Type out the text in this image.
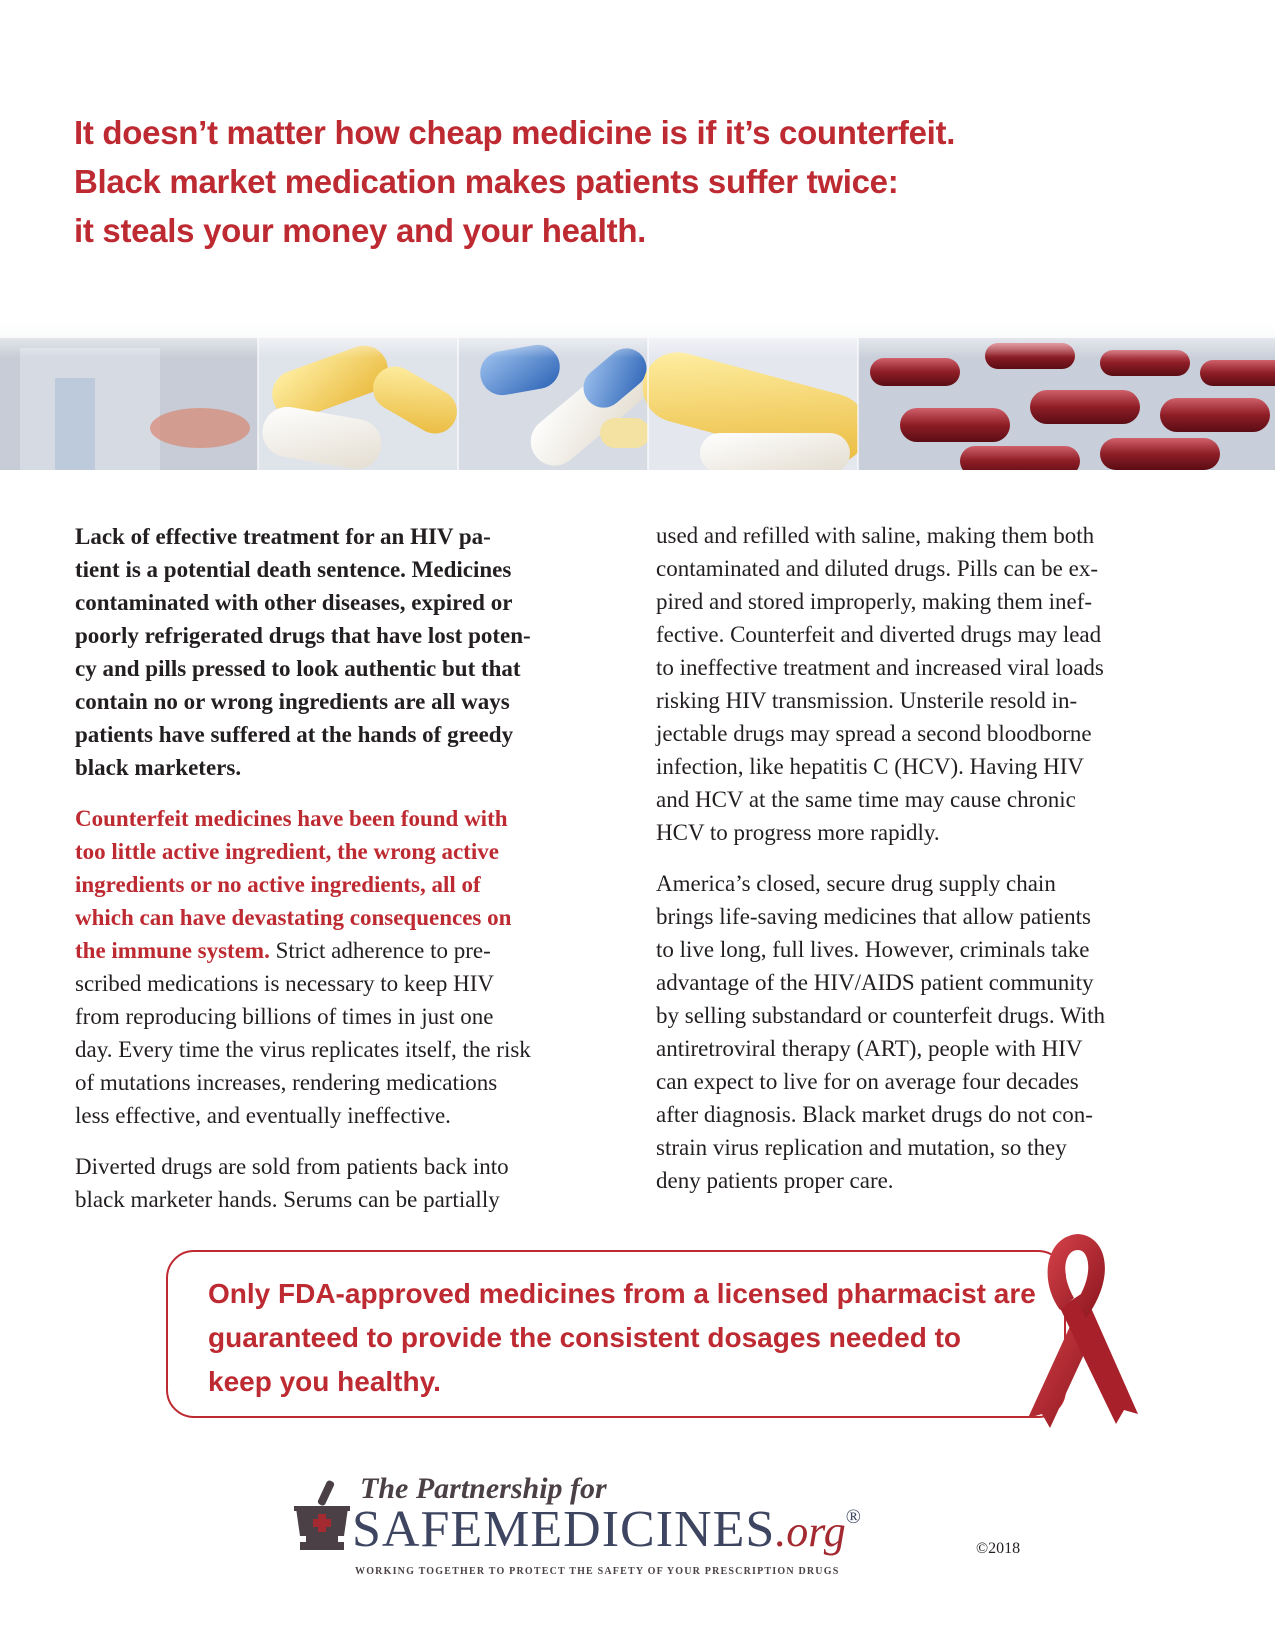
It doesn’t matter how cheap medicine is if it’s counterfeit.
Black market medication makes patients suffer twice:
it steals your money and your health.

Lack of effective treatment for an HIV pa-
tient is a potential death sentence. Medicines
contaminated with other diseases, expired or
poorly refrigerated drugs that have lost poten-
cy and pills pressed to look authentic but that
contain no or wrong ingredients are all ways
patients have suffered at the hands of greedy
black marketers.

Counterfeit medicines have been found with
too little active ingredient, the wrong active
ingredients or no active ingredients, all of
which can have devastating consequences on
the immune system. Strict adherence to pre-
scribed medications is necessary to keep HIV
from reproducing billions of times in just one
day. Every time the virus replicates itself, the risk
of mutations increases, rendering medications
less effective, and eventually ineffective.

Diverted drugs are sold from patients back into
black marketer hands. Serums can be partially

used and refilled with saline, making them both
contaminated and diluted drugs. Pills can be ex-
pired and stored improperly, making them inef-
fective. Counterfeit and diverted drugs may lead
to ineffective treatment and increased viral loads
risking HIV transmission. Unsterile resold in-
jectable drugs may spread a second bloodborne
infection, like hepatitis C (HCV). Having HIV
and HCV at the same time may cause chronic
HCV to progress more rapidly.

America’s closed, secure drug supply chain
brings life-saving medicines that allow patients
to live long, full lives. However, criminals take
advantage of the HIV/AIDS patient community
by selling substandard or counterfeit drugs. With
antiretroviral therapy (ART), people with HIV
can expect to live for on average four decades
after diagnosis. Black market drugs do not con-
strain virus replication and mutation, so they
deny patients proper care.

Only FDA-approved medicines from a licensed pharmacist are
guaranteed to provide the consistent dosages needed to
keep you healthy.
The Partnership for
SAFEMEDICINES.org®
WORKING TOGETHER TO PROTECT THE SAFETY OF YOUR PRESCRIPTION DRUGS
©2018
